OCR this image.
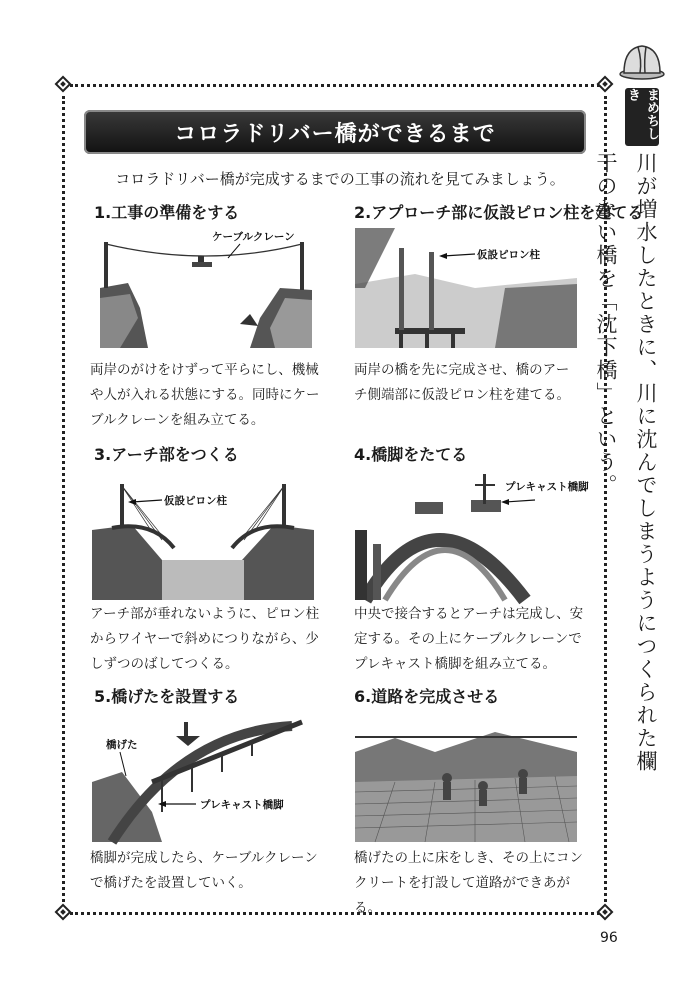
コロラドリバー橋ができるまで
コロラドリバー橋が完成するまでの工事の流れを見てみましょう。
1.工事の準備をする
ケーブルクレーン
両岸のがけをけずって平らにし、機械や人が入れる状態にする。同時にケーブルクレーンを組み立てる。
2.アプローチ部に仮設ピロン柱を建てる
仮設ピロン柱
両岸の橋を先に完成させ、橋のアーチ側端部に仮設ピロン柱を建てる。
3.アーチ部をつくる
仮設ピロン柱
アーチ部が垂れないように、ピロン柱からワイヤーで斜めにつりながら、少しずつのばしてつくる。
4.橋脚をたてる
プレキャスト橋脚
中央で接合するとアーチは完成し、安定する。その上にケーブルクレーンでプレキャスト橋脚を組み立てる。
5.橋げたを設置する
橋げた
プレキャスト橋脚
橋脚が完成したら、ケーブルクレーンで橋げたを設置していく。
6.道路を完成させる
橋げたの上に床をしき、その上にコンクリートを打設して道路ができあがる。
まめちしき
川が増水したときに、川に沈んでしまうようにつくられた欄干のない橋を「沈下橋」という。
96
